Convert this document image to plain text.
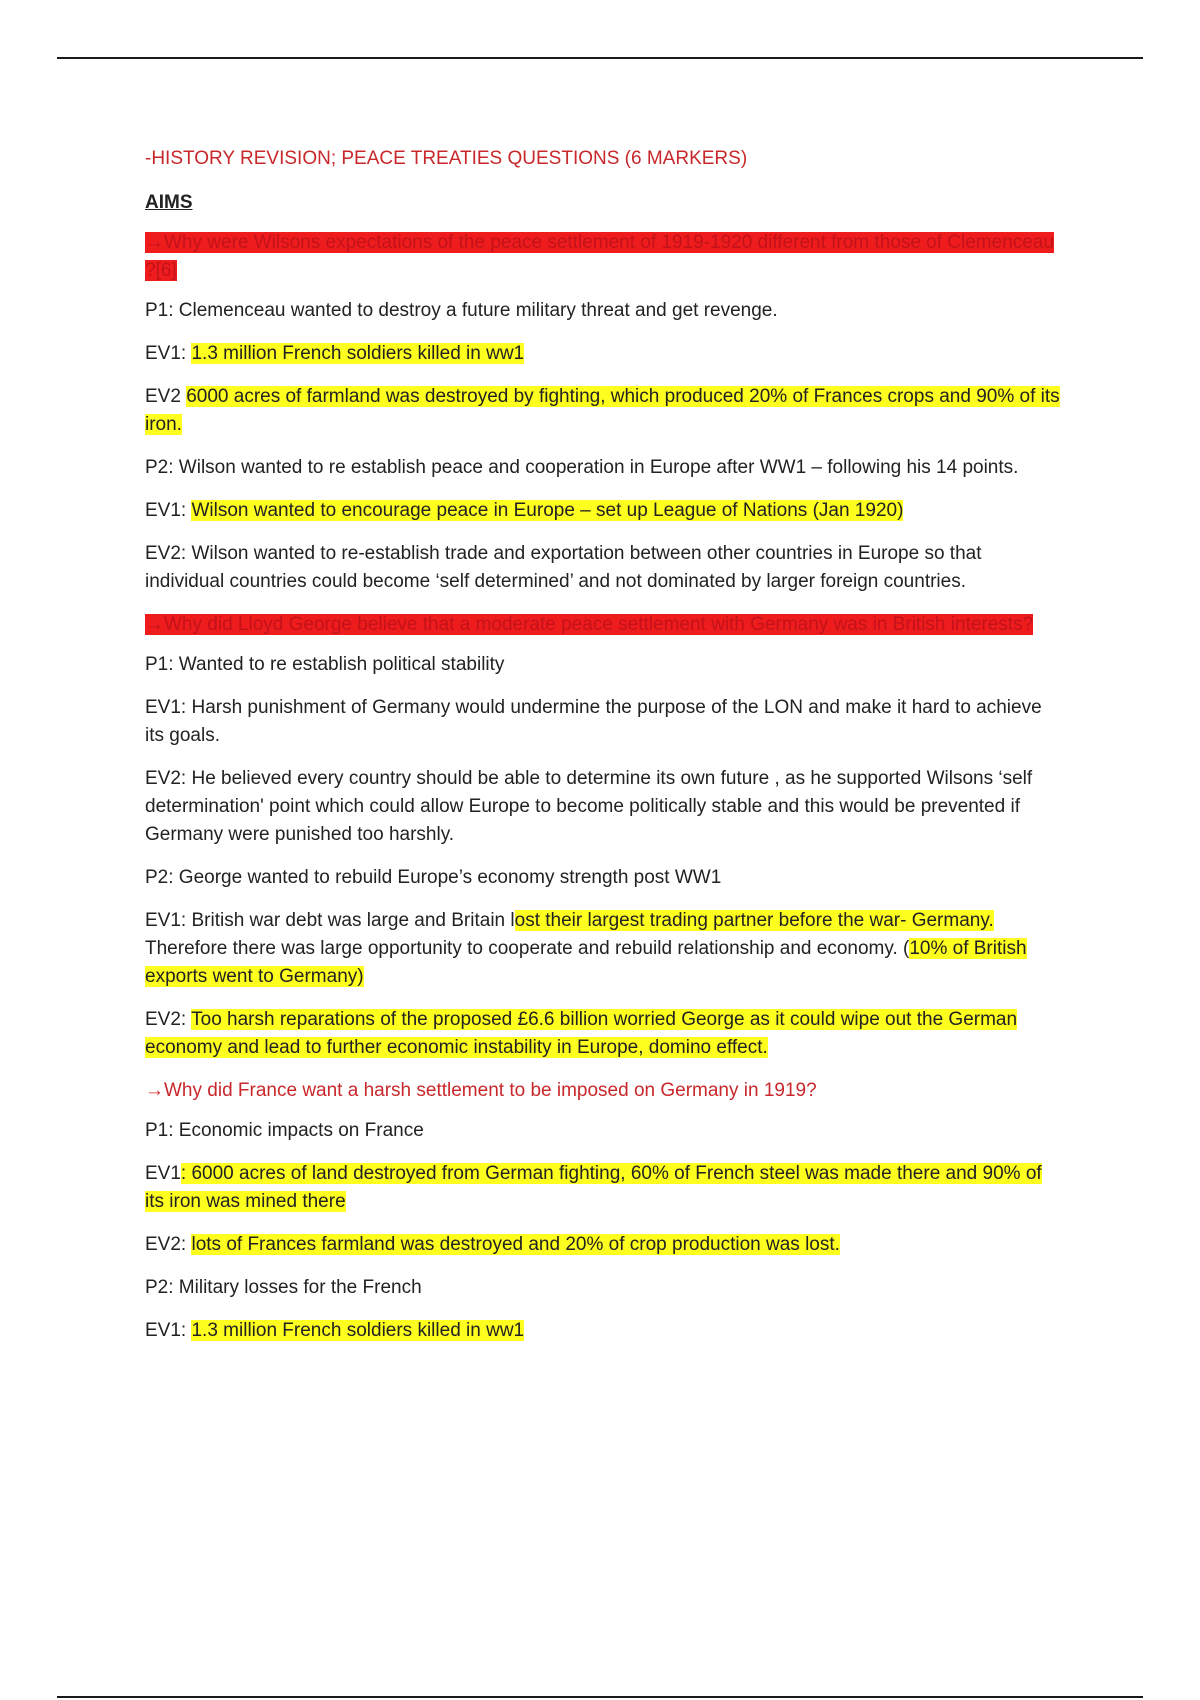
-HISTORY REVISION; PEACE TREATIES QUESTIONS (6 MARKERS)

AIMS

→Why were Wilsons expectations of the peace settlement of 1919-1920 different from those of Clemenceau ?[6]

P1: Clemenceau wanted to destroy a future military threat and get revenge.

EV1: 1.3 million French soldiers killed in ww1

EV2 6000 acres of farmland was destroyed by fighting, which produced 20% of Frances crops and 90% of its iron.

P2: Wilson wanted to re establish peace and cooperation in Europe after WW1 – following his 14 points.

EV1: Wilson wanted to encourage peace in Europe – set up League of Nations (Jan 1920)

EV2: Wilson wanted to re-establish trade and exportation between other countries in Europe so that individual countries could become ‘self determined’ and not dominated by larger foreign countries.

→Why did Lloyd George believe that a moderate peace settlement with Germany was in British interests?

P1: Wanted to re establish political stability

EV1: Harsh punishment of Germany would undermine the purpose of the LON and make it hard to achieve its goals.

EV2: He believed every country should be able to determine its own future , as he supported Wilsons ‘self determination' point which could allow Europe to become politically stable and this would be prevented if Germany were punished too harshly.

P2: George wanted to rebuild Europe’s economy strength post WW1

EV1: British war debt was large and Britain lost their largest trading partner before the war- Germany. Therefore there was large opportunity to cooperate and rebuild relationship and economy. (10% of British exports went to Germany)

EV2: Too harsh reparations of the proposed £6.6 billion worried George as it could wipe out the German economy and lead to further economic instability in Europe, domino effect.

→Why did France want a harsh settlement to be imposed on Germany in 1919?

P1: Economic impacts on France

EV1: 6000 acres of land destroyed from German fighting, 60% of French steel was made there and 90% of its iron was mined there

EV2: lots of Frances farmland was destroyed and 20% of crop production was lost.

P2: Military losses for the French

EV1: 1.3 million French soldiers killed in ww1
